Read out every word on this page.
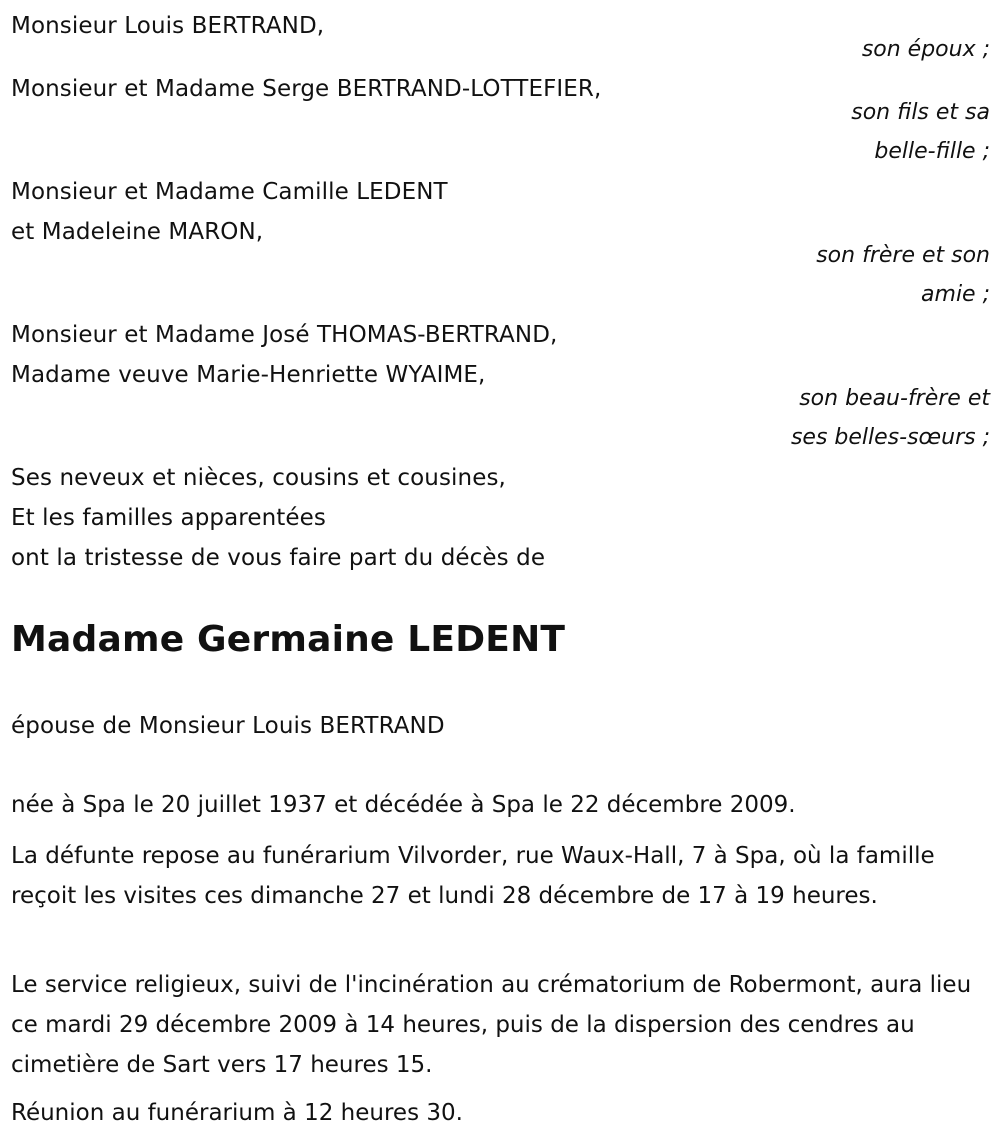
Monsieur Louis BERTRAND,
son époux ;
Monsieur et Madame Serge BERTRAND-LOTTEFIER,
son fils et sa
belle-fille ;
Monsieur et Madame Camille LEDENT
et Madeleine MARON,
son frère et son
amie ;
Monsieur et Madame José THOMAS-BERTRAND,
Madame veuve Marie-Henriette WYAIME,
son beau-frère et
ses belles-sœurs ;
Ses neveux et nièces, cousins et cousines,
Et les familles apparentées
ont la tristesse de vous faire part du décès de
Madame Germaine LEDENT
épouse de Monsieur Louis BERTRAND
née à Spa le 20 juillet 1937 et décédée à Spa le 22 décembre 2009.
La défunte repose au funérarium Vilvorder, rue Waux-Hall, 7 à Spa, où la famille reçoit les visites ces dimanche 27 et lundi 28 décembre de 17 à 19 heures.
Le service religieux, suivi de l'incinération au crématorium de Robermont, aura lieu ce mardi 29 décembre 2009 à 14 heures, puis de la dispersion des cendres au cimetière de Sart vers 17 heures 15.
Réunion au funérarium à 12 heures 30.
